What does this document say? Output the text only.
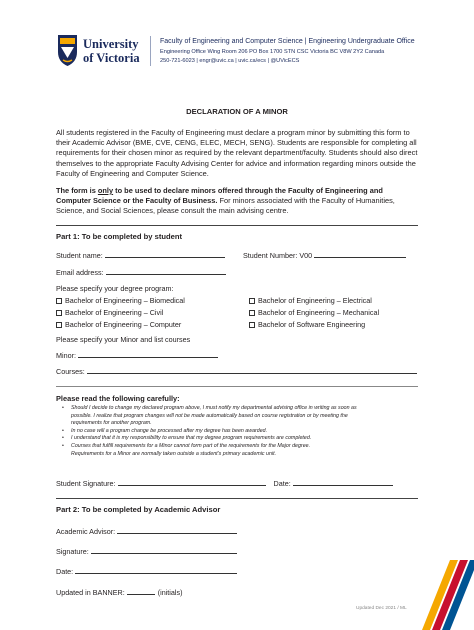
University
of Victoria
Faculty of Engineering and Computer Science | Engineering Undergraduate Office
Engineering Office Wing Room 206 PO Box 1700 STN CSC Victoria BC V8W 2Y2 Canada
250-721-6023 | engr@uvic.ca | uvic.ca/ecs | @UVicECS
DECLARATION OF A MINOR
All students registered in the Faculty of Engineering must declare a program minor by submitting this form to their Academic Advisor (BME, CVE, CENG, ELEC, MECH, SENG). Students are responsible for completing all requirements for their chosen minor as required by the relevant department/faculty. Students should also direct themselves to the appropriate Faculty Advising Center for advice and information regarding minors outside the Faculty of Engineering and Computer Science.
The form is only to be used to declare minors offered through the Faculty of Engineering and Computer Science or the Faculty of Business. For minors associated with the Faculty of Humanities, Science, and Social Sciences, please consult the main advising centre.
Part 1: To be completed by student
Student name:	Student Number: V00
Email address:
Please specify your degree program:
Bachelor of Engineering – Biomedical	Bachelor of Engineering – Electrical
Bachelor of Engineering – Civil	Bachelor of Engineering – Mechanical
Bachelor of Engineering – Computer	Bachelor of Software Engineering
Please specify your Minor and list courses
Minor:
Courses:
Please read the following carefully:
• Should I decide to change my declared program above, I must notify my departmental advising office in writing as soon as
possible. I realize that program changes will not be made automatically based on course registration or by meeting the
requirements for another program.
• In no case will a program change be processed after my degree has been awarded.
• I understand that it is my responsibility to ensure that my degree program requirements are completed.
• Courses that fulfill requirements for a Minor cannot form part of the requirements for the Major degree.
Requirements for a Minor are normally taken outside a student's primary academic unit.
Student Signature:	Date:
Part 2: To be completed by Academic Advisor
Academic Advisor:
Signature:
Date:
Updated in BANNER:	(initials)
Updated Dec 2021 / ML
